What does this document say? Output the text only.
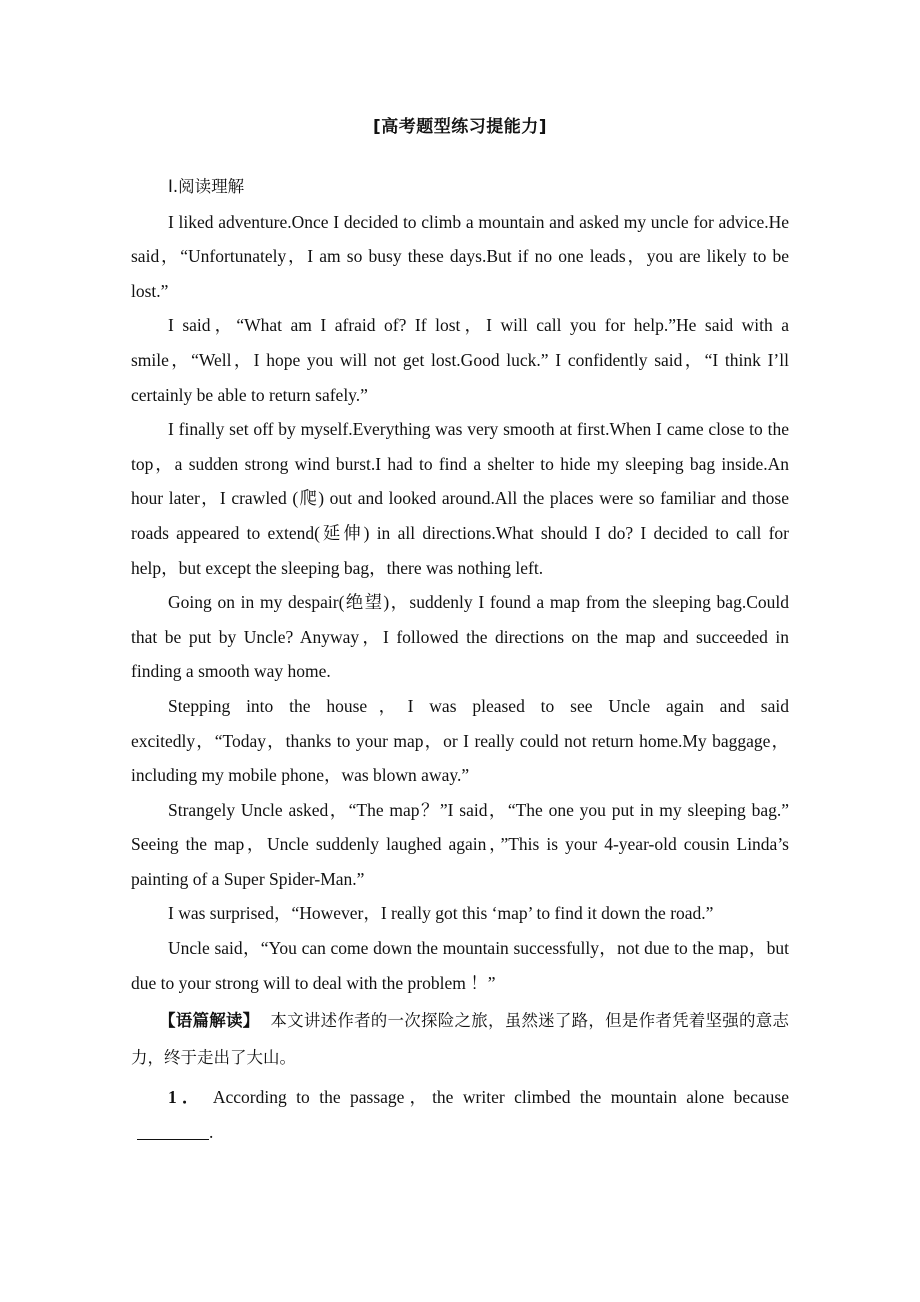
[高考题型练习提能力]

Ⅰ.阅读理解

I liked adventure.Once I decided to climb a mountain and asked my uncle for advice.He said，“Unfortunately，I am so busy these days.But if no one leads，you are likely to be lost.”

I said，“What am I afraid of? If lost，I will call you for help.”He said with a smile，“Well，I hope you will not get lost.Good luck.” I confidently said，“I think I’ll certainly be able to return safely.”

I finally set off by myself.Everything was very smooth at first.When I came close to the top，a sudden strong wind burst.I had to find a shelter to hide my sleeping bag inside.An hour later，I crawled (爬) out and looked around.All the places were so familiar and those roads appeared to extend(延伸) in all directions.What should I do? I decided to call for help，but except the sleeping bag，there was nothing left.

Going on in my despair(绝望)，suddenly I found a map from the sleeping bag.Could that be put by Uncle? Anyway，I followed the directions on the map and succeeded in finding a smooth way home.

Stepping into the house，I was pleased to see Uncle again and said excitedly，“Today，thanks to your map，or I really could not return home.My baggage，including my mobile phone，was blown away.”

Strangely Uncle asked，“The map？”I said，“The one you put in my sleeping bag.” Seeing the map，Uncle suddenly laughed again，”This is your 4-year-old cousin Linda’s painting of a Super Spider-Man.”

I was surprised，“However，I really got this ‘map’ to find it down the road.”

Uncle said，“You can come down the mountain successfully，not due to the map，but due to your strong will to deal with the problem ！”

【语篇解读】 本文讲述作者的一次探险之旅，虽然迷了路，但是作者凭着坚强的意志力，终于走出了大山。

1． According to the passage，the writer climbed the mountain alone because.
